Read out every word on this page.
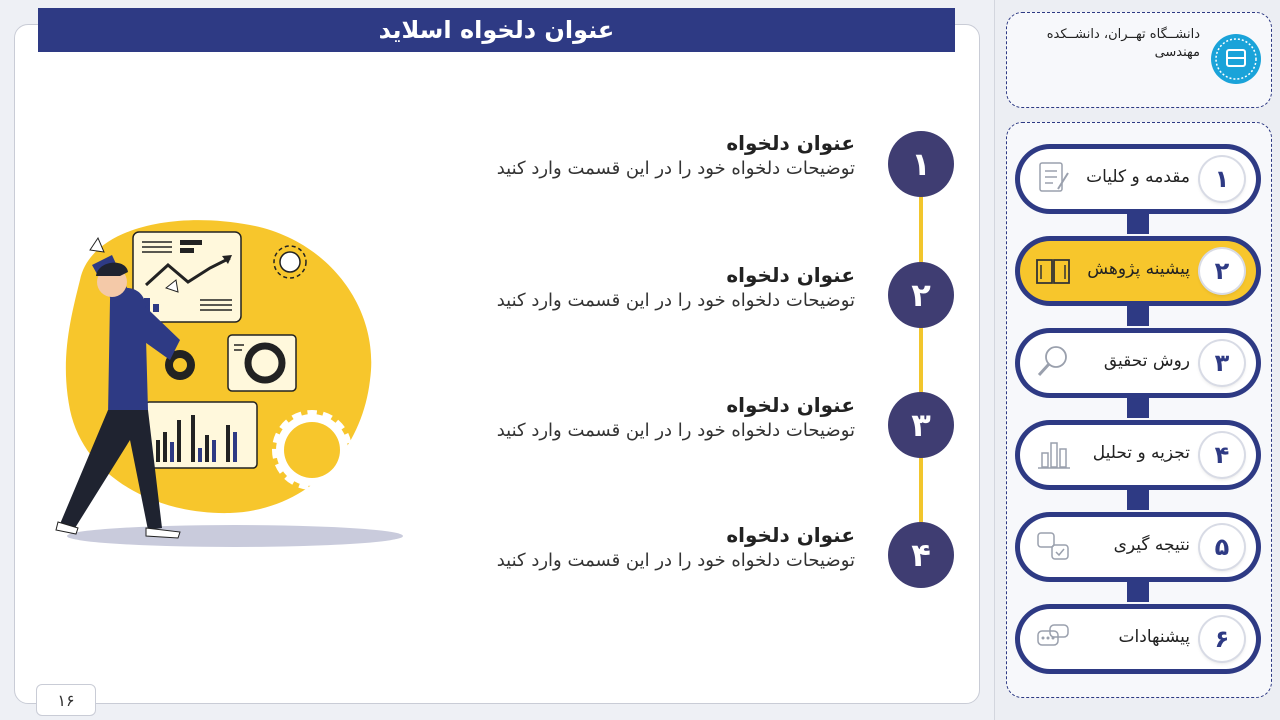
عنوان دلخواه اسلاید
۱
عنوان دلخواه
توضیحات دلخواه خود را در این قسمت وارد کنید
۲
عنوان دلخواه
توضیحات دلخواه خود را در این قسمت وارد کنید
۳
عنوان دلخواه
توضیحات دلخواه خود را در این قسمت وارد کنید
۴
عنوان دلخواه
توضیحات دلخواه خود را در این قسمت وارد کنید
۱۶
دانشــگاه تهــران، دانشــکده مهندسی
۱
مقدمه و کلیات
۲
پیشینه پژوهش
۳
روش تحقیق
۴
تجزیه و تحلیل
۵
نتیجه گیری
۶
پیشنهادات
